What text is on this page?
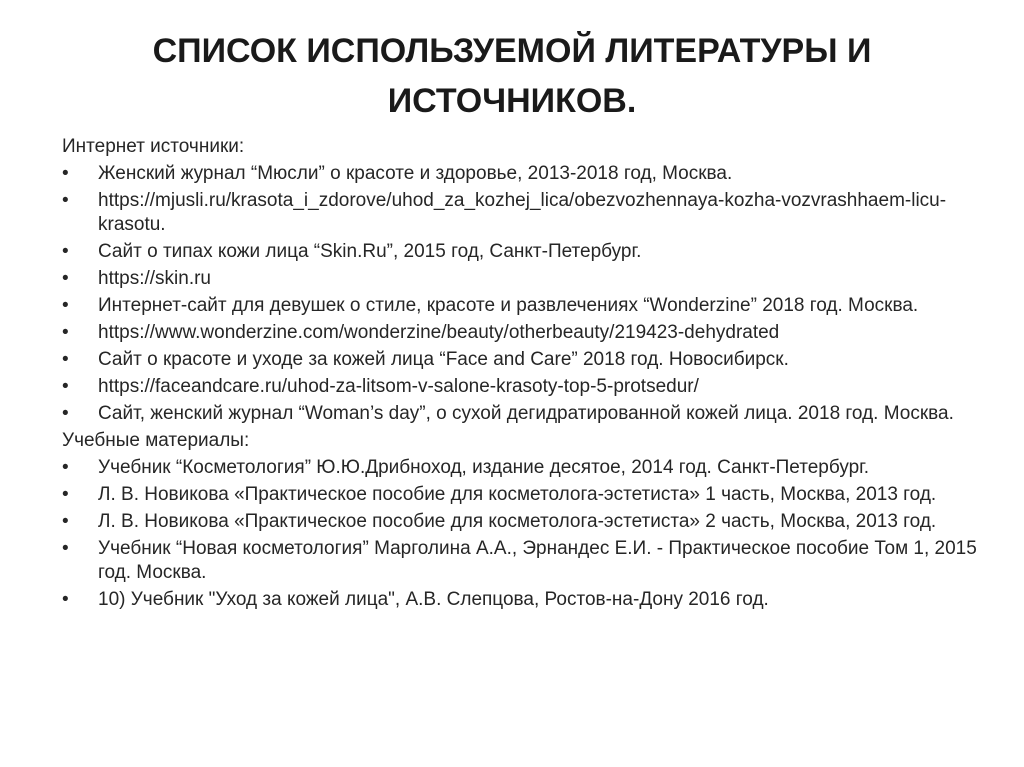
СПИСОК ИСПОЛЬЗУЕМОЙ ЛИТЕРАТУРЫ И
ИСТОЧНИКОВ.
Интернет источники:
• Женский журнал “Мюсли” о красоте и здоровье, 2013-2018 год, Москва.
• https://mjusli.ru/krasota_i_zdorove/uhod_za_kozhej_lica/obezvozhennaya-kozha-vozvrashhaem-licu-krasotu.
• Сайт о типах кожи лица “Skin.Ru”, 2015 год, Санкт-Петербург.
• https://skin.ru
• Интернет-сайт для девушек о стиле, красоте и развлечениях “Wonderzine” 2018 год. Москва.
• https://www.wonderzine.com/wonderzine/beauty/otherbeauty/219423-dehydrated
• Сайт о красоте и уходе за кожей лица “Face and Care” 2018 год. Новосибирск.
• https://faceandcare.ru/uhod-za-litsom-v-salone-krasoty-top-5-protsedur/
• Сайт, женский журнал “Woman’s day”, о сухой дегидратированной кожей лица. 2018 год. Москва.
Учебные материалы:
• Учебник “Косметология” Ю.Ю.Дрибноход, издание десятое, 2014 год. Санкт-Петербург.
• Л. В. Новикова «Практическое пособие для косметолога-эстетиста» 1 часть, Москва, 2013 год.
• Л. В. Новикова «Практическое пособие для косметолога-эстетиста» 2 часть, Москва, 2013 год.
• Учебник “Новая косметология” Марголина А.А., Эрнандес Е.И. - Практическое пособие Том 1, 2015 год. Москва.
• 10) Учебник "Уход за кожей лица", А.В. Слепцова, Ростов-на-Дону 2016 год.
